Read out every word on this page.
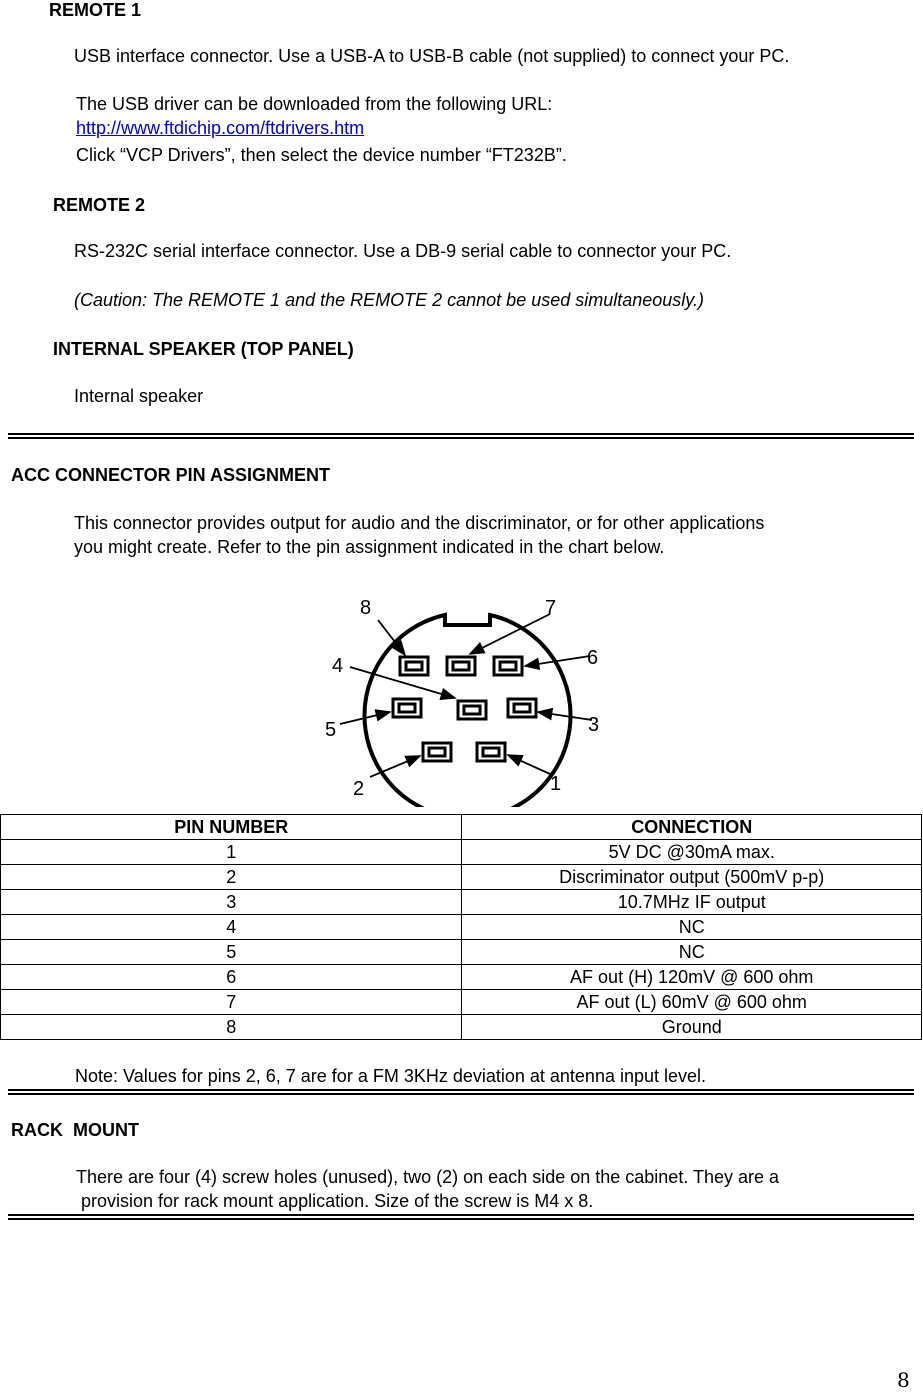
REMOTE 1
USB interface connector. Use a USB-A to USB-B cable (not supplied) to connect your PC.
The USB driver can be downloaded from the following URL:
http://www.ftdichip.com/ftdrivers.htm
Click “VCP Drivers”, then select the device number “FT232B”.
REMOTE 2
RS-232C serial interface connector. Use a DB-9 serial cable to connector your PC.
(Caution: The REMOTE 1 and the REMOTE 2 cannot be used simultaneously.)
INTERNAL SPEAKER (TOP PANEL)
Internal speaker
ACC CONNECTOR PIN ASSIGNMENT
This connector provides output for audio and the discriminator, or for other applications
you might create. Refer to the pin assignment indicated in the chart below.
8	7
6
4
5	3
2	1
PIN NUMBER	CONNECTION
1	5V DC @30mA max.
2	Discriminator output (500mV p-p)
3	10.7MHz IF output
4	NC
5	NC
6	AF out (H) 120mV @ 600 ohm
7	AF out (L) 60mV @ 600 ohm
8	Ground
Note: Values for pins 2, 6, 7 are for a FM 3KHz deviation at antenna input level.
RACK  MOUNT
There are four (4) screw holes (unused), two (2) on each side on the cabinet. They are a
provision for rack mount application. Size of the screw is M4 x 8.
8
